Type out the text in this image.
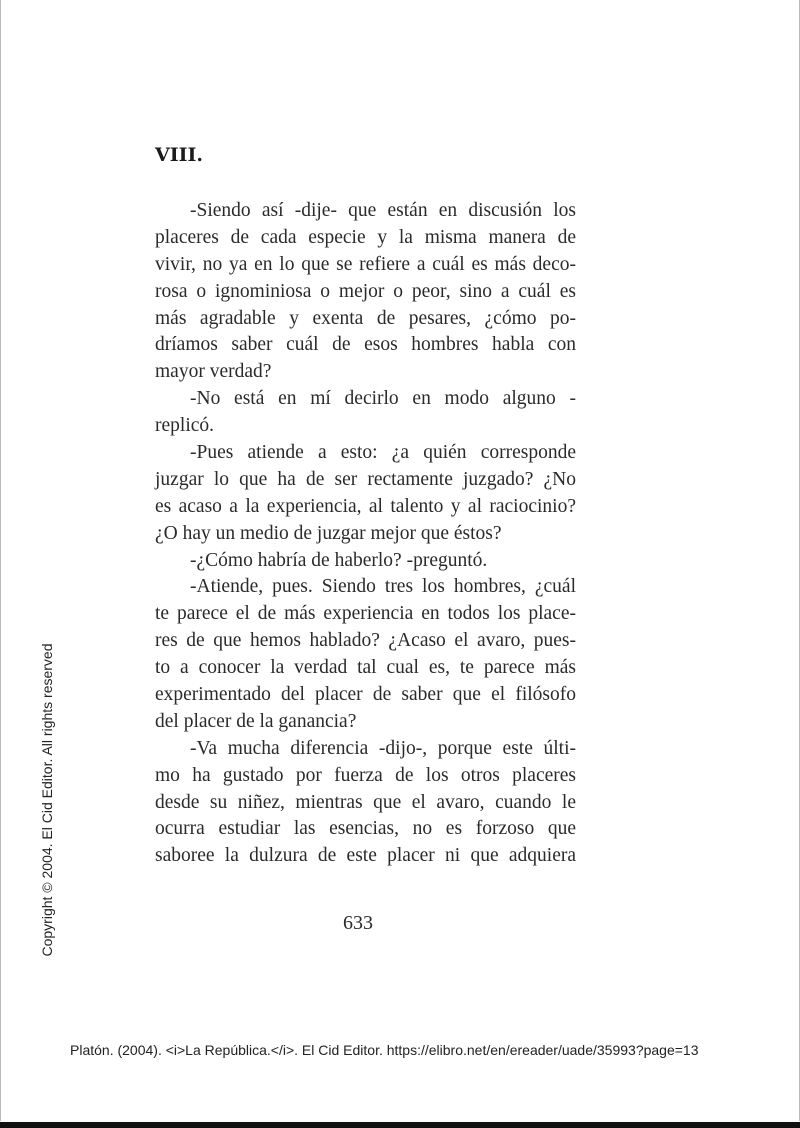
VIII.
-Siendo así -dije- que están en discusión los
placeres de cada especie y la misma manera de
vivir, no ya en lo que se refiere a cuál es más deco-
rosa o ignominiosa o mejor o peor, sino a cuál es
más agradable y exenta de pesares, ¿cómo po-
dríamos saber cuál de esos hombres habla con
mayor verdad?
-No está en mí decirlo en modo alguno -
replicó.
-Pues atiende a esto: ¿a quién corresponde
juzgar lo que ha de ser rectamente juzgado? ¿No
es acaso a la experiencia, al talento y al raciocinio?
¿O hay un medio de juzgar mejor que éstos?
-¿Cómo habría de haberlo? -preguntó.
-Atiende, pues. Siendo tres los hombres, ¿cuál
te parece el de más experiencia en todos los place-
res de que hemos hablado? ¿Acaso el avaro, pues-
to a conocer la verdad tal cual es, te parece más
experimentado del placer de saber que el filósofo
del placer de la ganancia?
-Va mucha diferencia -dijo-, porque este últi-
mo ha gustado por fuerza de los otros placeres
desde su niñez, mientras que el avaro, cuando le
ocurra estudiar las esencias, no es forzoso que
saboree la dulzura de este placer ni que adquiera
633
Copyright © 2004. El Cid Editor. All rights reserved
Platón. (2004). <i>La República.</i>. El Cid Editor. https://elibro.net/en/ereader/uade/35993?page=13
